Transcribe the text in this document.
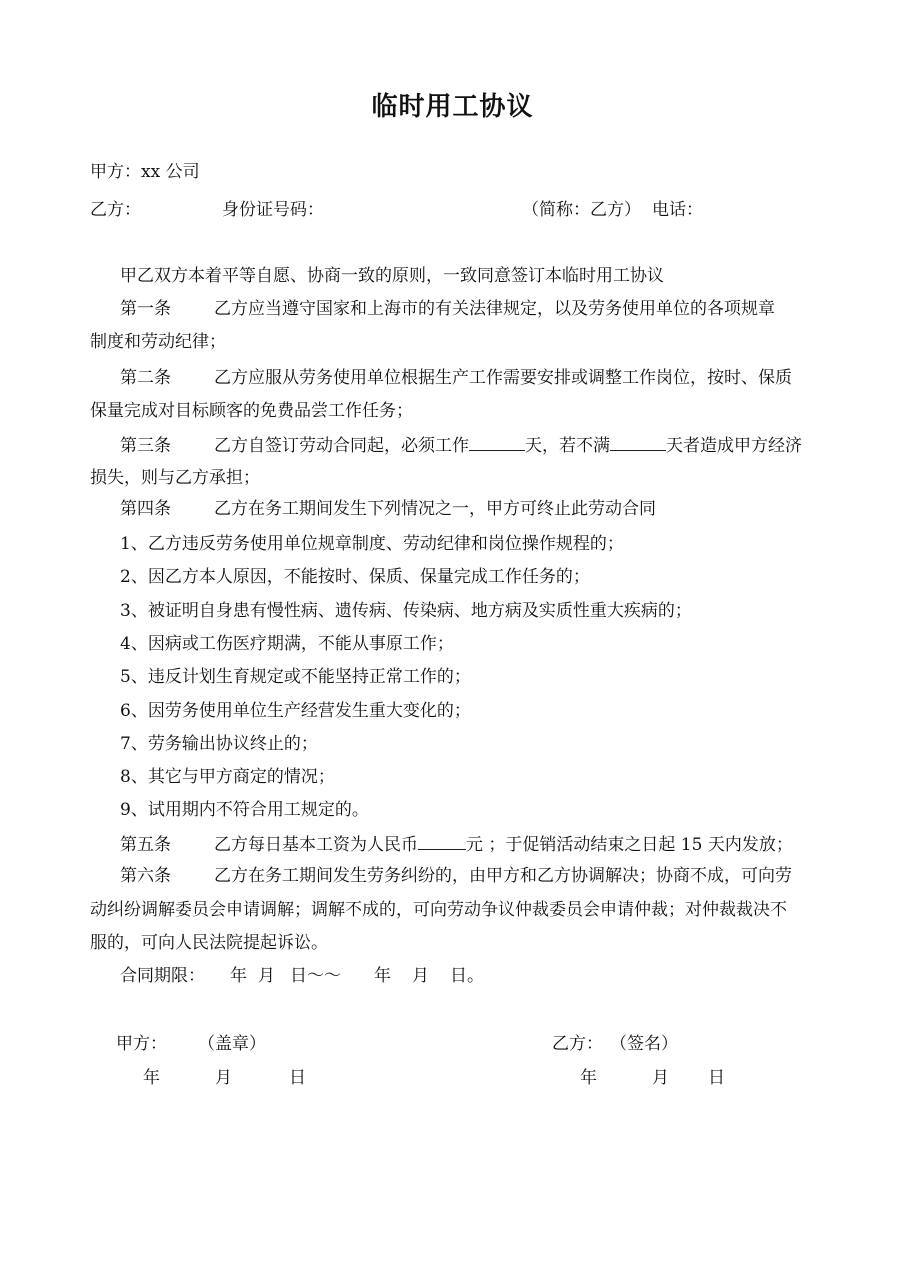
临时用工协议
甲方：xx 公司
乙方：	身份证号码：	（简称：乙方） 电话：
甲乙双方本着平等自愿、协商一致的原则，一致同意签订本临时用工协议
第一条	乙方应当遵守国家和上海市的有关法律规定，以及劳务使用单位的各项规章
制度和劳动纪律；
第二条	乙方应服从劳务使用单位根据生产工作需要安排或调整工作岗位，按时、保质
保量完成对目标顾客的免费品尝工作任务；
第三条	乙方自签订劳动合同起，必须工作	天，若不满	天者造成甲方经济
损失，则与乙方承担；
第四条	乙方在务工期间发生下列情况之一，甲方可终止此劳动合同
1、乙方违反劳务使用单位规章制度、劳动纪律和岗位操作规程的；
2、因乙方本人原因，不能按时、保质、保量完成工作任务的；
3、被证明自身患有慢性病、遗传病、传染病、地方病及实质性重大疾病的；
4、因病或工伤医疗期满，不能从事原工作；
5、违反计划生育规定或不能坚持正常工作的；
6、因劳务使用单位生产经营发生重大变化的；
7、劳务输出协议终止的；
8、其它与甲方商定的情况；
9、试用期内不符合用工规定的。
第五条	乙方每日基本工资为人民币	元 ；于促销活动结束之日起 15 天内发放；
第六条	乙方在务工期间发生劳务纠纷的，由甲方和乙方协调解决；协商不成，可向劳
动纠纷调解委员会申请调解；调解不成的，可向劳动争议仲裁委员会申请仲裁；对仲裁裁决不
服的，可向人民法院提起诉讼。
合同期限： 年 月 日～～ 年 月 日。
甲方： （盖章）	乙方： （签名）
年	月	日	年	月 日
